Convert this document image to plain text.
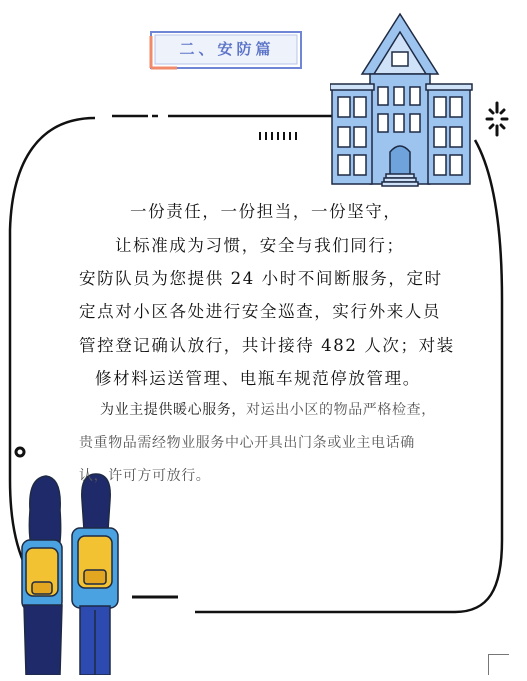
二、安防篇
一份责任，一份担当，一份坚守，
让标准成为习惯，安全与我们同行；
安防队员为您提供 24 小时不间断服务，定时
定点对小区各处进行安全巡查，实行外来人员
管控登记确认放行，共计接待 482 人次；对装
修材料运送管理、电瓶车规范停放管理。
为业主提供暖心服务，对运出小区的物品严格检查，
贵重物品需经物业服务中心开具出门条或业主电话确
认，许可方可放行。
